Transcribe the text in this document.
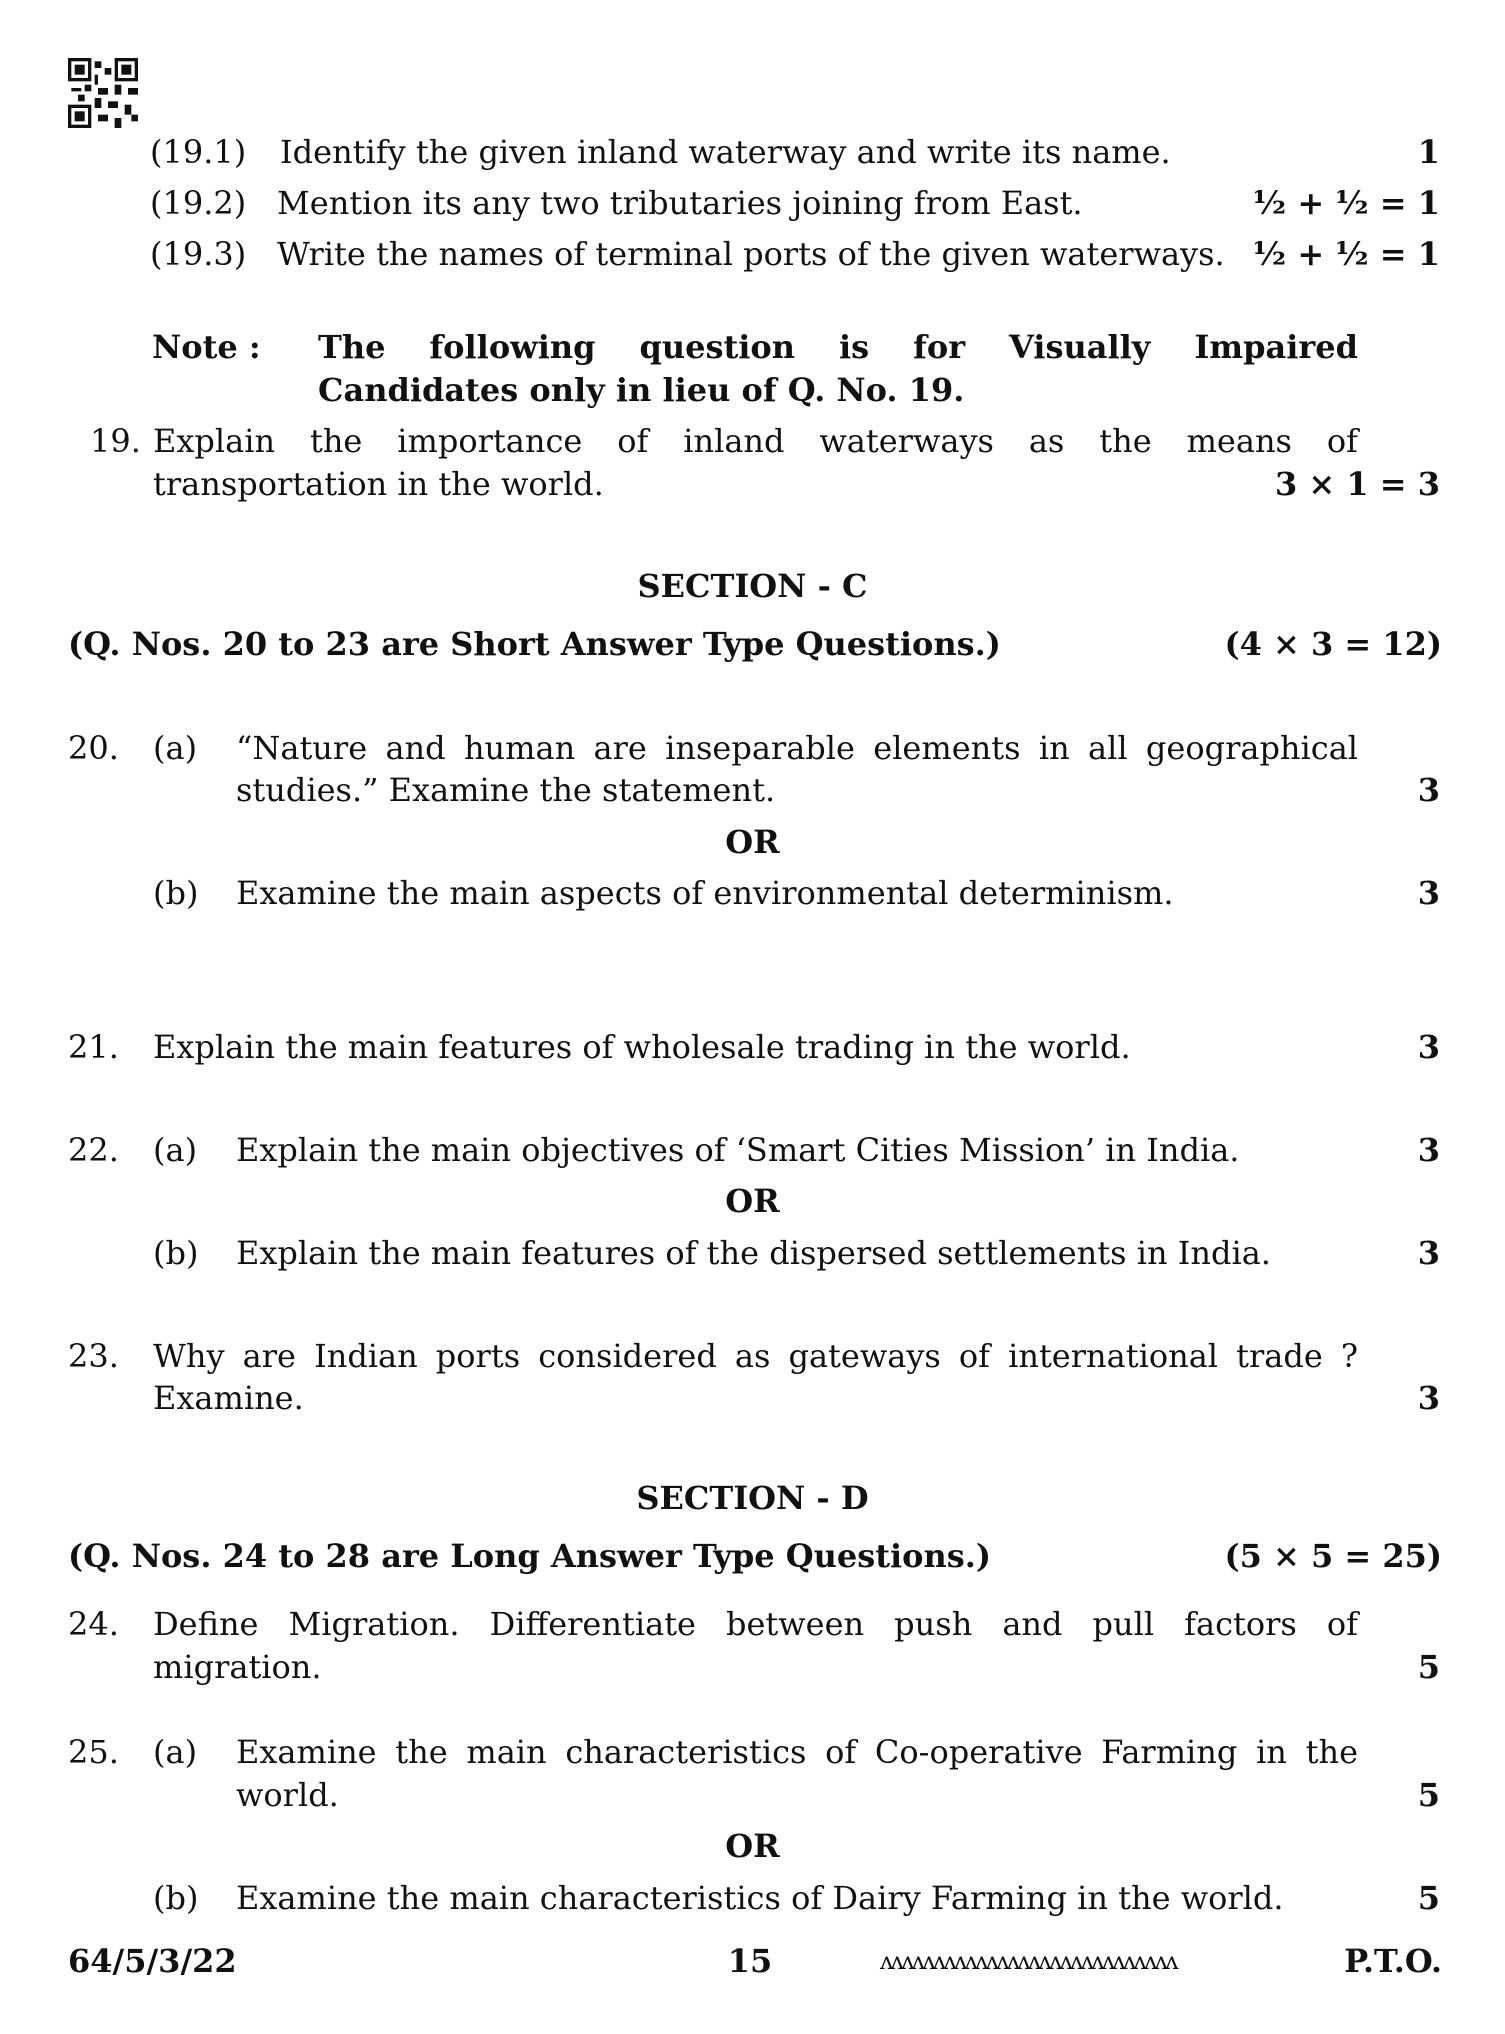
(19.1) Identify the given inland waterway and write its name.	1
(19.2) Mention its any two tributaries joining from East.	½ + ½ = 1
(19.3) Write the names of terminal ports of the given waterways. ½ + ½ = 1
Note : The following question is for Visually Impaired
Candidates only in lieu of Q. No. 19.
19. Explain the importance of inland waterways as the means of
transportation in the world.	3 × 1 = 3
SECTION - C
(Q. Nos. 20 to 23 are Short Answer Type Questions.)	(4 × 3 = 12)
20. (a) “Nature and human are inseparable elements in all geographical
studies.” Examine the statement.	3
OR
(b) Examine the main aspects of environmental determinism.	3
21. Explain the main features of wholesale trading in the world.	3
22. (a) Explain the main objectives of ‘Smart Cities Mission’ in India.	3
OR
(b) Explain the main features of the dispersed settlements in India.	3
23. Why are Indian ports considered as gateways of international trade ?
Examine.	3
SECTION - D
(Q. Nos. 24 to 28 are Long Answer Type Questions.)	(5 × 5 = 25)
24. Define Migration. Differentiate between push and pull factors of
migration.	5
25. (a) Examine the main characteristics of Co-operative Farming in the
world.	5
OR
(b) Examine the main characteristics of Dairy Farming in the world.	5
64/5/3/22	15	ʌʌʌʌʌʌʌʌʌʌʌʌʌʌʌʌʌʌʌʌʌʌʌʌʌʌʌʌ	P.T.O.
